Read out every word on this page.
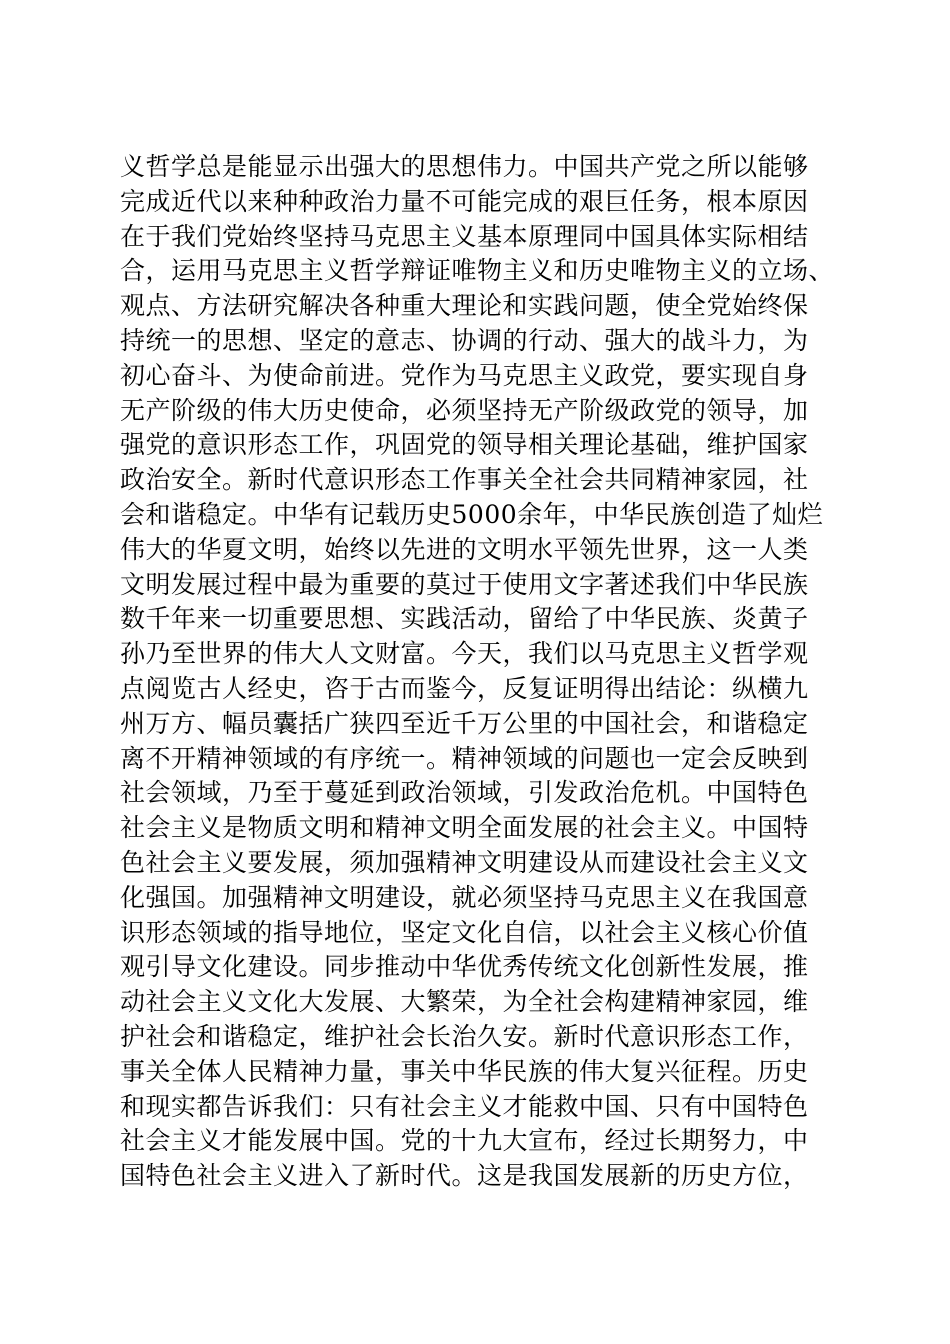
义哲学总是能显示出强大的思想伟力。中国共产党之所以能够
完成近代以来种种政治力量不可能完成的艰巨任务，根本原因
在于我们党始终坚持马克思主义基本原理同中国具体实际相结
合，运用马克思主义哲学辩证唯物主义和历史唯物主义的立场、
观点、方法研究解决各种重大理论和实践问题，使全党始终保
持统一的思想、坚定的意志、协调的行动、强大的战斗力，为
初心奋斗、为使命前进。党作为马克思主义政党，要实现自身
无产阶级的伟大历史使命，必须坚持无产阶级政党的领导，加
强党的意识形态工作，巩固党的领导相关理论基础，维护国家
政治安全。新时代意识形态工作事关全社会共同精神家园，社
会和谐稳定。中华有记载历史5000余年，中华民族创造了灿烂
伟大的华夏文明，始终以先进的文明水平领先世界，这一人类
文明发展过程中最为重要的莫过于使用文字著述我们中华民族
数千年来一切重要思想、实践活动，留给了中华民族、炎黄子
孙乃至世界的伟大人文财富。今天，我们以马克思主义哲学观
点阅览古人经史，咨于古而鉴今，反复证明得出结论：纵横九
州万方、幅员囊括广狭四至近千万公里的中国社会，和谐稳定
离不开精神领域的有序统一。精神领域的问题也一定会反映到
社会领域，乃至于蔓延到政治领域，引发政治危机。中国特色
社会主义是物质文明和精神文明全面发展的社会主义。中国特
色社会主义要发展，须加强精神文明建设从而建设社会主义文
化强国。加强精神文明建设，就必须坚持马克思主义在我国意
识形态领域的指导地位，坚定文化自信，以社会主义核心价值
观引导文化建设。同步推动中华优秀传统文化创新性发展，推
动社会主义文化大发展、大繁荣，为全社会构建精神家园，维
护社会和谐稳定，维护社会长治久安。新时代意识形态工作，
事关全体人民精神力量，事关中华民族的伟大复兴征程。历史
和现实都告诉我们：只有社会主义才能救中国、只有中国特色
社会主义才能发展中国。党的十九大宣布，经过长期努力，中
国特色社会主义进入了新时代。这是我国发展新的历史方位，
